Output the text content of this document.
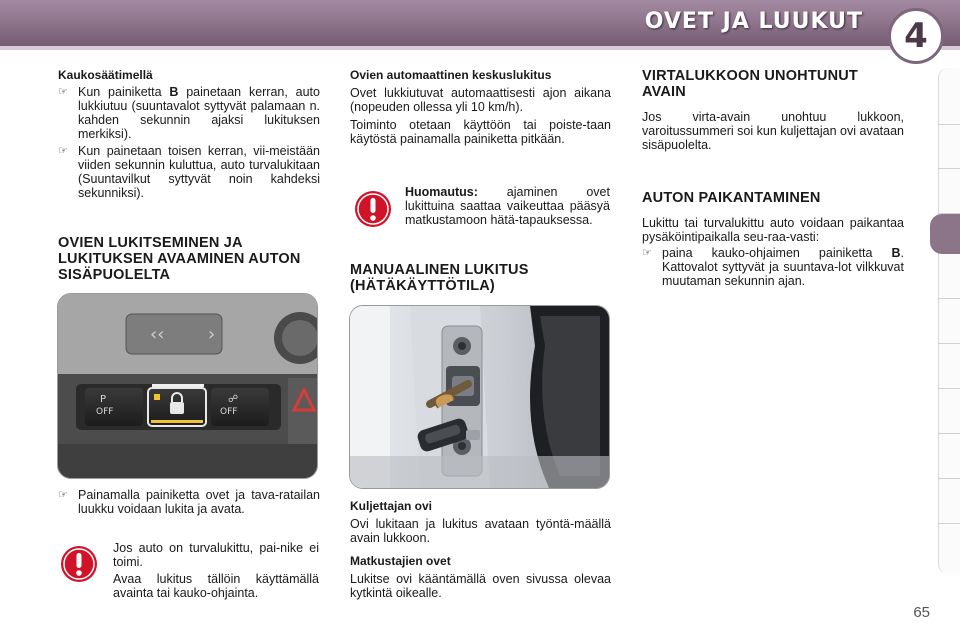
OVET JA LUUKUT 4

Kaukosäätimellä

☞ Kun painiketta B painetaan kerran, auto lukkiutuu (suuntavalot syttyvät palamaan n. kahden sekunnin ajaksi lukituksen merkiksi).
☞ Kun painetaan toisen kerran, vii-meistään viiden sekunnin kuluttua, auto turvalukitaan (Suuntavilkut syttyvät noin kahdeksi sekunniksi).

OVIEN LUKITSEMINEN JA LUKITUKSEN AVAAMINEN AUTON SISÄPUOLELTA

‹‹ ›
OFF	OFF
P	☍
☞ Painamalla painiketta ovet ja tava-ratailan luukku voidaan lukita ja avata.

Jos auto on turvalukittu, pai-nike ei toimi.

Avaa lukitus tällöin käyttämällä avainta tai kauko-ohjainta.

Ovien automaattinen keskuslukitus

Ovet lukkiutuvat automaattisesti ajon aikana (nopeuden ollessa yli 10 km/h).

Toiminto otetaan käyttöön tai poiste-taan käytöstä painamalla painiketta pitkään.

Huomautus: ajaminen ovet lukittuina saattaa vaikeuttaa pääsyä matkustamoon hätä-tapauksessa.

MANUAALINEN LUKITUS (HÄTÄKÄYTTÖTILA)

Kuljettajan ovi

Ovi lukitaan ja lukitus avataan työntä-määllä avain lukkoon.

Matkustajien ovet

Lukitse ovi kääntämällä oven sivussa olevaa kytkintä oikealle.

VIRTALUKKOON UNOHTUNUT AVAIN

Jos virta-avain unohtuu lukkoon, varoitussummeri soi kun kuljettajan ovi avataan sisäpuolelta.

AUTON PAIKANTAMINEN

Lukittu tai turvalukittu auto voidaan paikantaa pysäköintipaikalla seu-raa-vasti:

☞ paina kauko-ohjaimen painiketta B. Kattovalot syttyvät ja suuntava-lot vilkkuvat muutaman sekunnin ajan.
65
